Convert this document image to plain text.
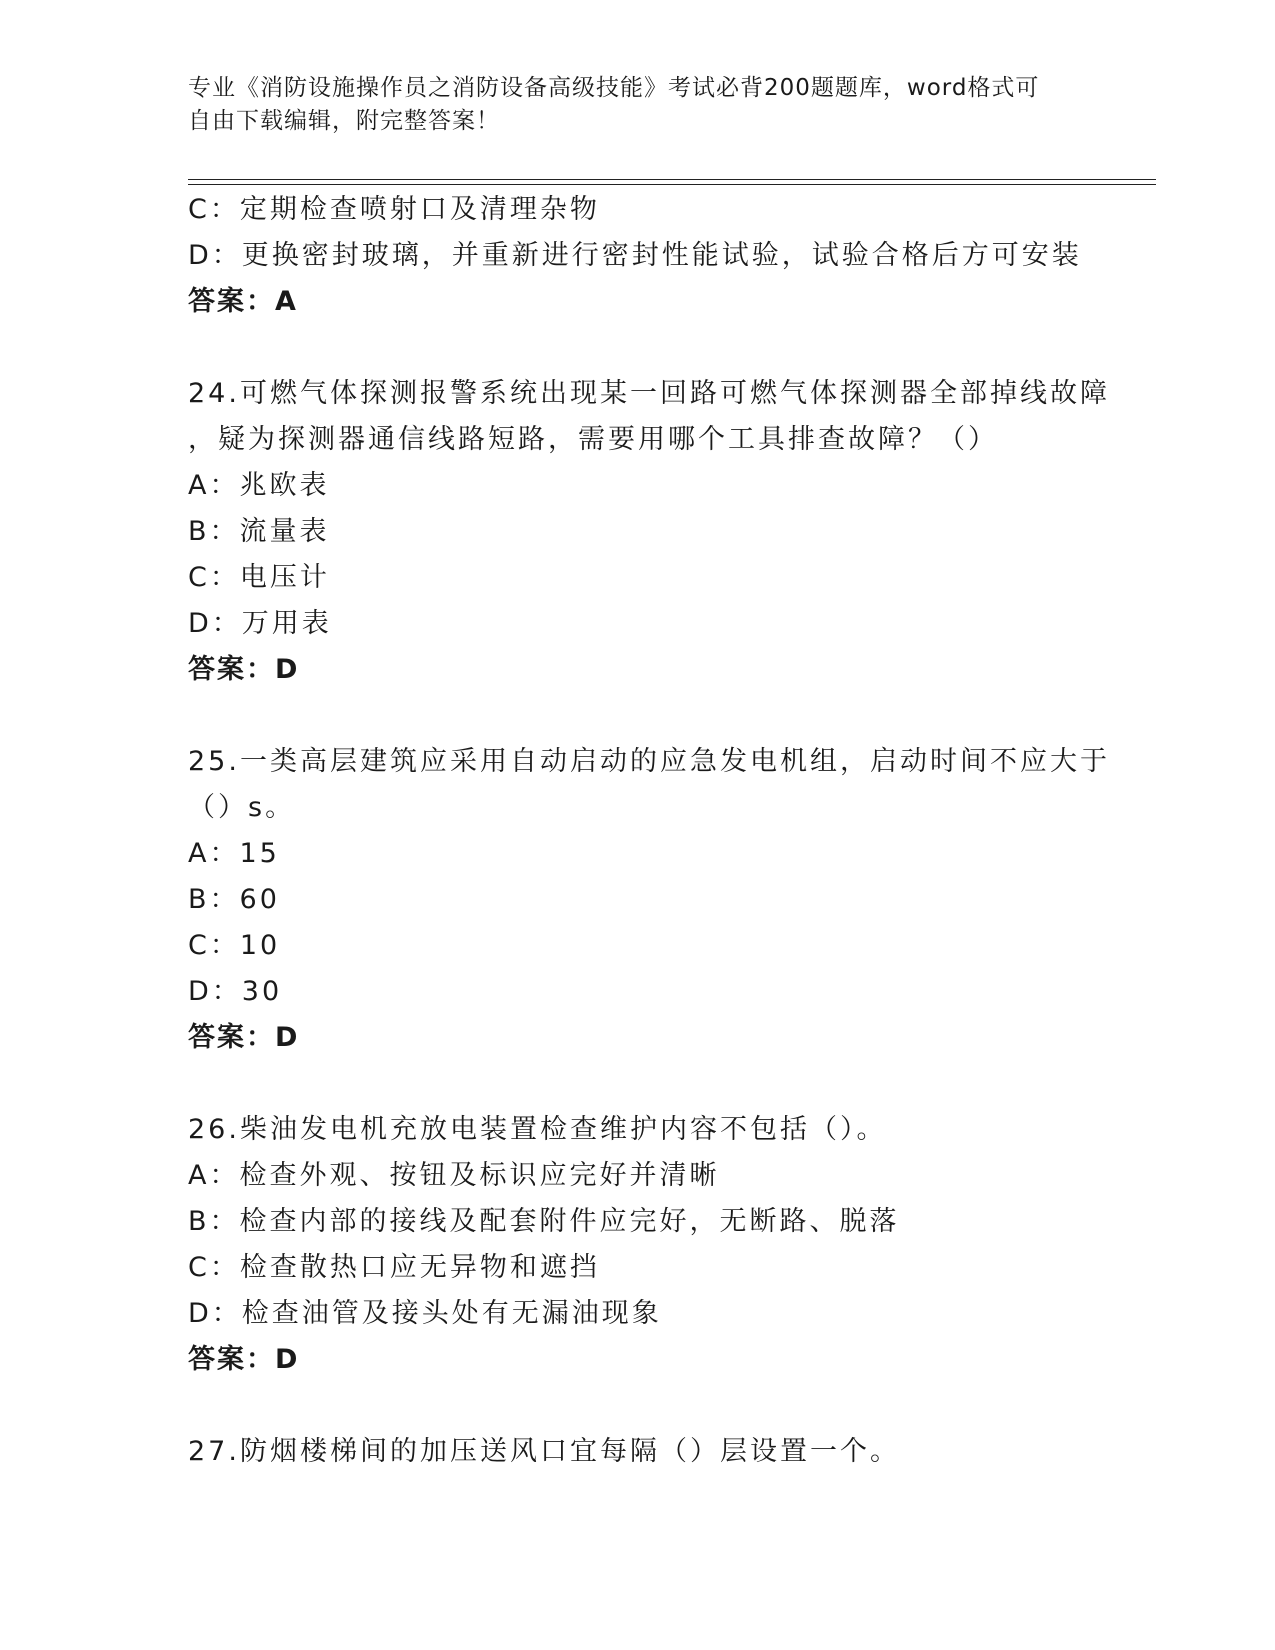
专业《消防设施操作员之消防设备高级技能》考试必背200题题库，word格式可
自由下载编辑，附完整答案！
C：定期检查喷射口及清理杂物
D：更换密封玻璃，并重新进行密封性能试验，试验合格后方可安装
答案：A
24.可燃气体探测报警系统出现某一回路可燃气体探测器全部掉线故障
，疑为探测器通信线路短路，需要用哪个工具排查故障？（）
A：兆欧表
B：流量表
C：电压计
D：万用表
答案：D
25.一类高层建筑应采用自动启动的应急发电机组，启动时间不应大于
（）s。
A：15
B：60
C：10
D：30
答案：D
26.柴油发电机充放电装置检查维护内容不包括（）。
A：检查外观、按钮及标识应完好并清晰
B：检查内部的接线及配套附件应完好，无断路、脱落
C：检查散热口应无异物和遮挡
D：检查油管及接头处有无漏油现象
答案：D
27.防烟楼梯间的加压送风口宜每隔（）层设置一个。
